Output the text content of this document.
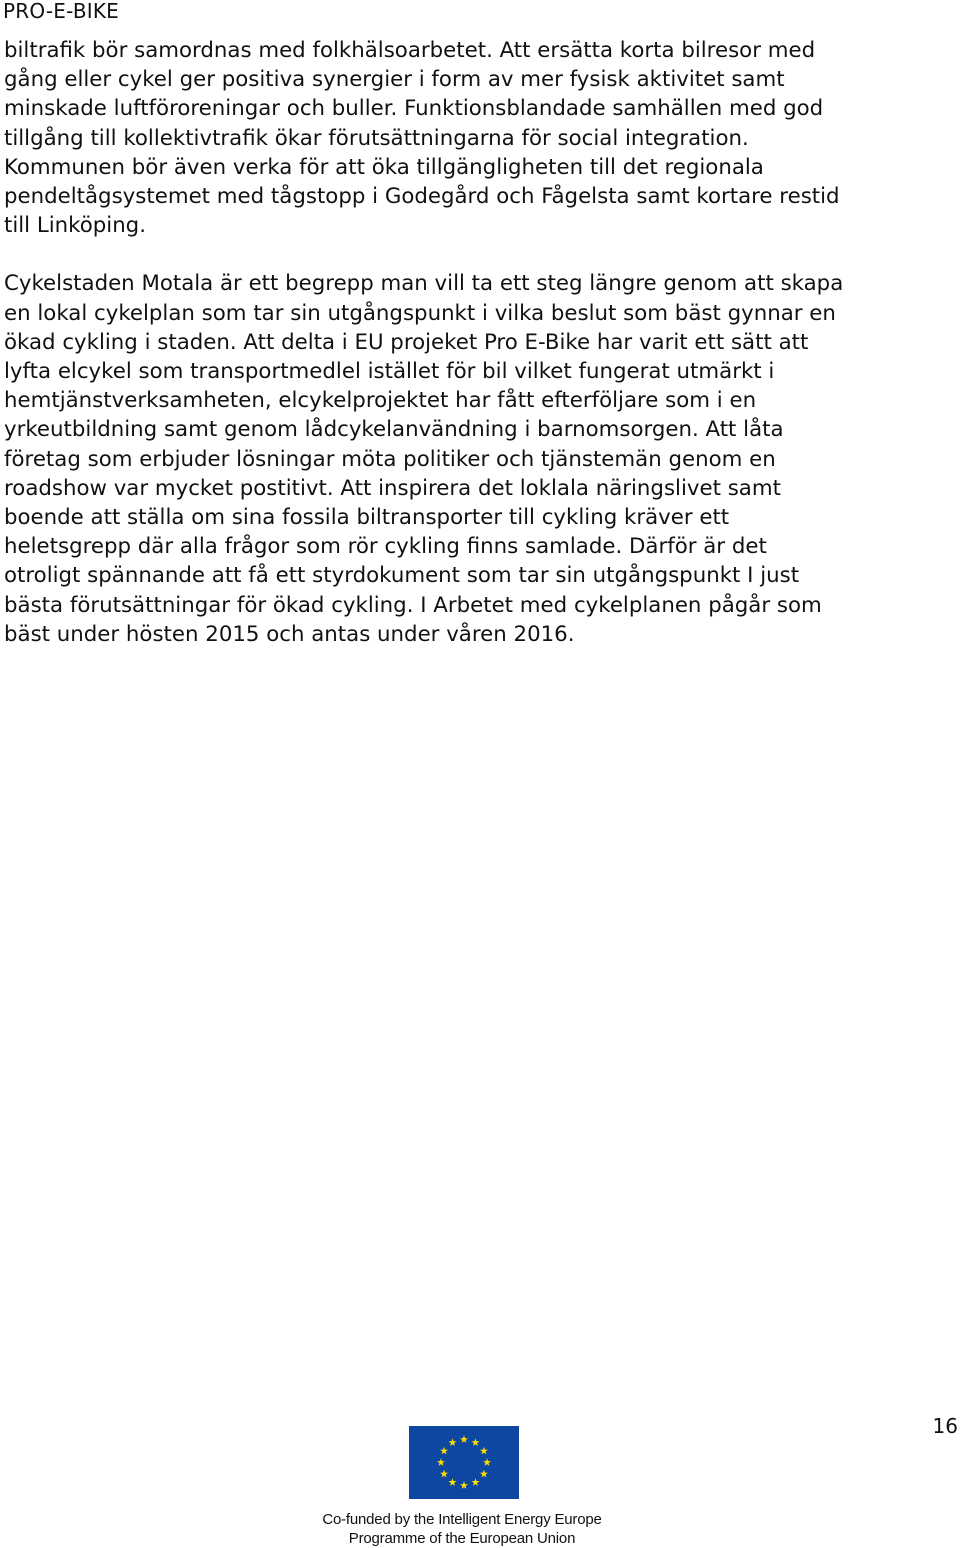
PRO-E-BIKE

biltrafik bör samordnas med folkhälsoarbetet. Att ersätta korta bilresor med
gång eller cykel ger positiva synergier i form av mer fysisk aktivitet samt
minskade luftföroreningar och buller. Funktionsblandade samhällen med god
tillgång till kollektivtrafik ökar förutsättningarna för social integration.
Kommunen bör även verka för att öka tillgängligheten till det regionala
pendeltågsystemet med tågstopp i Godegård och Fågelsta samt kortare restid
till Linköping.

Cykelstaden Motala är ett begrepp man vill ta ett steg längre genom att skapa
en lokal cykelplan som tar sin utgångspunkt i vilka beslut som bäst gynnar en
ökad cykling i staden. Att delta i EU projeket Pro E-Bike har varit ett sätt att
lyfta elcykel som transportmedlel istället för bil vilket fungerat utmärkt i
hemtjänstverksamheten, elcykelprojektet har fått efterföljare som i en
yrkeutbildning samt genom lådcykelanvändning i barnomsorgen. Att låta
företag som erbjuder lösningar möta politiker och tjänstemän genom en
roadshow var mycket postitivt. Att inspirera det loklala näringslivet samt
boende att ställa om sina fossila biltransporter till cykling kräver ett
heletsgrepp där alla frågor som rör cykling finns samlade. Därför är det
otroligt spännande att få ett styrdokument som tar sin utgångspunkt I just
bästa förutsättningar för ökad cykling. I Arbetet med cykelplanen pågår som
bäst under hösten 2015 och antas under våren 2016.

16
Co-funded by the Intelligent Energy Europe
Programme of the European Union
